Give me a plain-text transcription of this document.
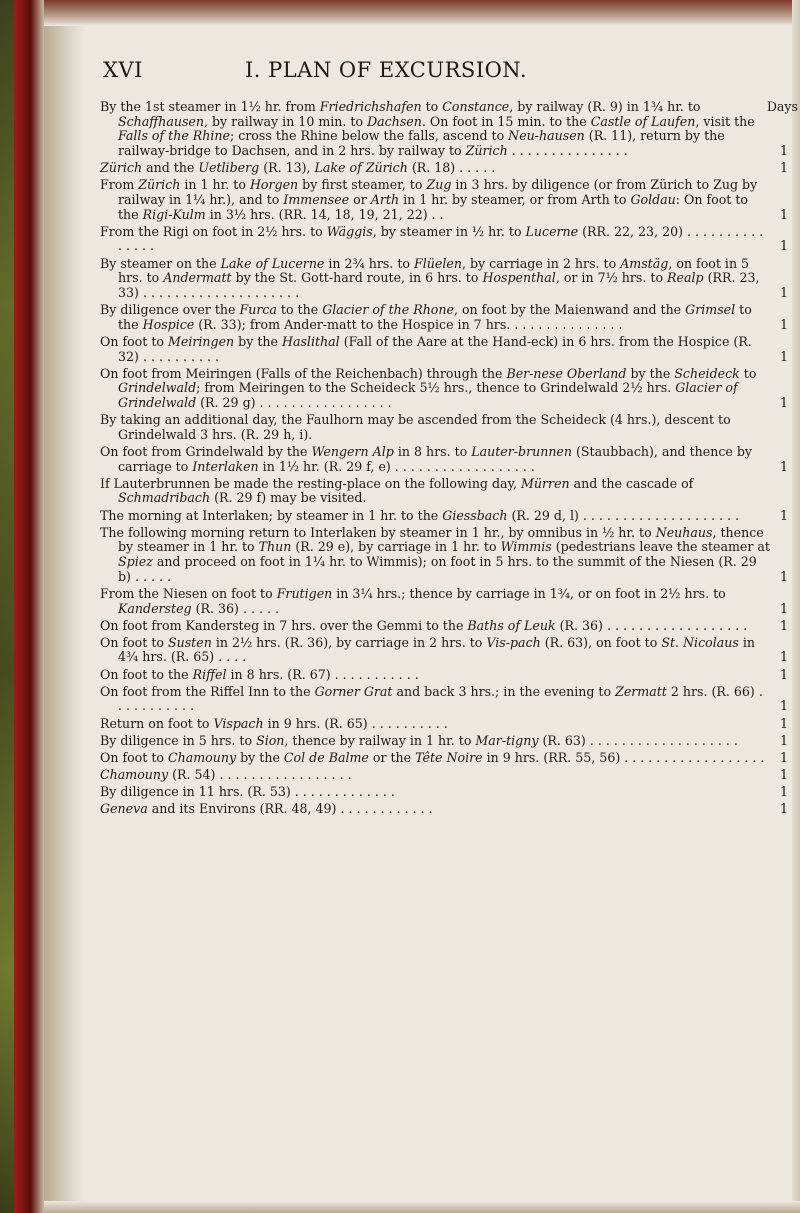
XVI	I. PLAN OF EXCURSION.
Days
By the 1st steamer in 1½ hr. from Friedrichshafen to Constance, by railway (R. 9) in 1¾ hr. to Schaffhausen, by railway in 10 min. to Dachsen. On foot in 15 min. to the Castle of Laufen, visit the Falls of the Rhine; cross the Rhine below the falls, ascend to Neu-hausen (R. 11), return by the railway-bridge to Dachsen, and in 2 hrs. by railway to Zürich . . . . . . . . . . . . . . .	1
Zürich and the Uetliberg (R. 13), Lake of Zürich (R. 18) . . . . .	1
From Zürich in 1 hr. to Horgen by first steamer, to Zug in 3 hrs. by diligence (or from Zürich to Zug by railway in 1¼ hr.), and to Immensee or Arth in 1 hr. by steamer, or from Arth to Goldau: On foot to the Rigi-Kulm in 3½ hrs. (RR. 14, 18, 19, 21, 22) . .	1
From the Rigi on foot in 2½ hrs. to Wäggis, by steamer in ½ hr. to Lucerne (RR. 22, 23, 20) . . . . . . . . . . . . . . .	1
By steamer on the Lake of Lucerne in 2¾ hrs. to Flüelen, by carriage in 2 hrs. to Amstäg, on foot in 5 hrs. to Andermatt by the St. Gott-hard route, in 6 hrs. to Hospenthal, or in 7½ hrs. to Realp (RR. 23, 33) . . . . . . . . . . . . . . . . . . . .	1
By diligence over the Furca to the Glacier of the Rhone, on foot by the Maienwand and the Grimsel to the Hospice (R. 33); from Ander-matt to the Hospice in 7 hrs. . . . . . . . . . . . . . .	1
On foot to Meiringen by the Haslithal (Fall of the Aare at the Hand-eck) in 6 hrs. from the Hospice (R. 32) . . . . . . . . . .	1
On foot from Meiringen (Falls of the Reichenbach) through the Ber-nese Oberland by the Scheideck to Grindelwald; from Meiringen to the Scheideck 5½ hrs., thence to Grindelwald 2½ hrs. Glacier of Grindelwald (R. 29 g) . . . . . . . . . . . . . . . . .	1
By taking an additional day, the Faulhorn may be ascended from the Scheideck (4 hrs.), descent to Grindelwald 3 hrs. (R. 29 h, i).
On foot from Grindelwald by the Wengern Alp in 8 hrs. to Lauter-brunnen (Staubbach), and thence by carriage to Interlaken in 1½ hr. (R. 29 f, e) . . . . . . . . . . . . . . . . . .	1
If Lauterbrunnen be made the resting-place on the following day, Mürren and the cascade of Schmadribach (R. 29 f) may be visited.
The morning at Interlaken; by steamer in 1 hr. to the Giessbach (R. 29 d, l) . . . . . . . . . . . . . . . . . . . .	1
The following morning return to Interlaken by steamer in 1 hr., by omnibus in ½ hr. to Neuhaus, thence by steamer in 1 hr. to Thun (R. 29 e), by carriage in 1 hr. to Wimmis (pedestrians leave the steamer at Spiez and proceed on foot in 1¼ hr. to Wimmis); on foot in 5 hrs. to the summit of the Niesen (R. 29 b) . . . . .	1
From the Niesen on foot to Frutigen in 3¼ hrs.; thence by carriage in 1¾, or on foot in 2½ hrs. to Kandersteg (R. 36) . . . . .	1
On foot from Kandersteg in 7 hrs. over the Gemmi to the Baths of Leuk (R. 36) . . . . . . . . . . . . . . . . . .	1
On foot to Susten in 2½ hrs. (R. 36), by carriage in 2 hrs. to Vis-pach (R. 63), on foot to St. Nicolaus in 4¾ hrs. (R. 65) . . . .	1
On foot to the Riffel in 8 hrs. (R. 67) . . . . . . . . . . .	1
On foot from the Riffel Inn to the Gorner Grat and back 3 hrs.; in the evening to Zermatt 2 hrs. (R. 66) . . . . . . . . . . .	1
Return on foot to Vispach in 9 hrs. (R. 65) . . . . . . . . . .	1
By diligence in 5 hrs. to Sion, thence by railway in 1 hr. to Mar-tigny (R. 63) . . . . . . . . . . . . . . . . . . .	1
On foot to Chamouny by the Col de Balme or the Tête Noire in 9 hrs. (RR. 55, 56) . . . . . . . . . . . . . . . . . . 1
Chamouny (R. 54) . . . . . . . . . . . . . . . . .	1
By diligence in 11 hrs. (R. 53) . . . . . . . . . . . . .	1
Geneva and its Environs (RR. 48, 49) . . . . . . . . . . . .	1
